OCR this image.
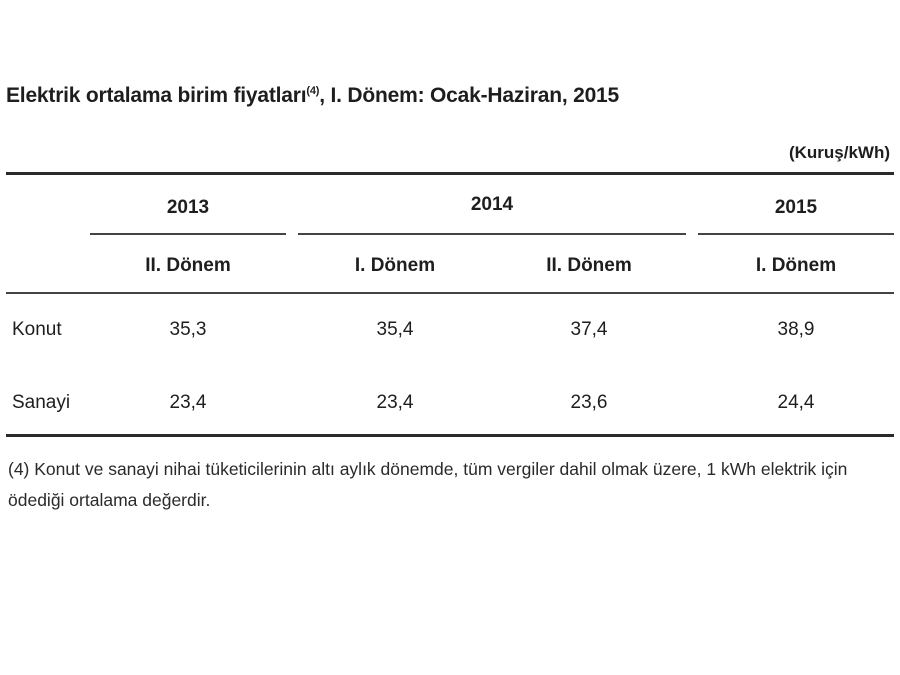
Elektrik ortalama birim fiyatları$^{(4)}$, I. Dönem: Ocak-Haziran, 2015
(Kuruş/kWh)
2013	2014	2015
II. Dönem	I. Dönem	II. Dönem	I. Dönem
Konut	35,3	35,4	37,4	38,9
Sanayi	23,4	23,4	23,6	24,4
(4) Konut ve sanayi nihai tüketicilerinin altı aylık dönemde, tüm vergiler dahil olmak üzere, 1 kWh elektrik için ödediği ortalama değerdir.
